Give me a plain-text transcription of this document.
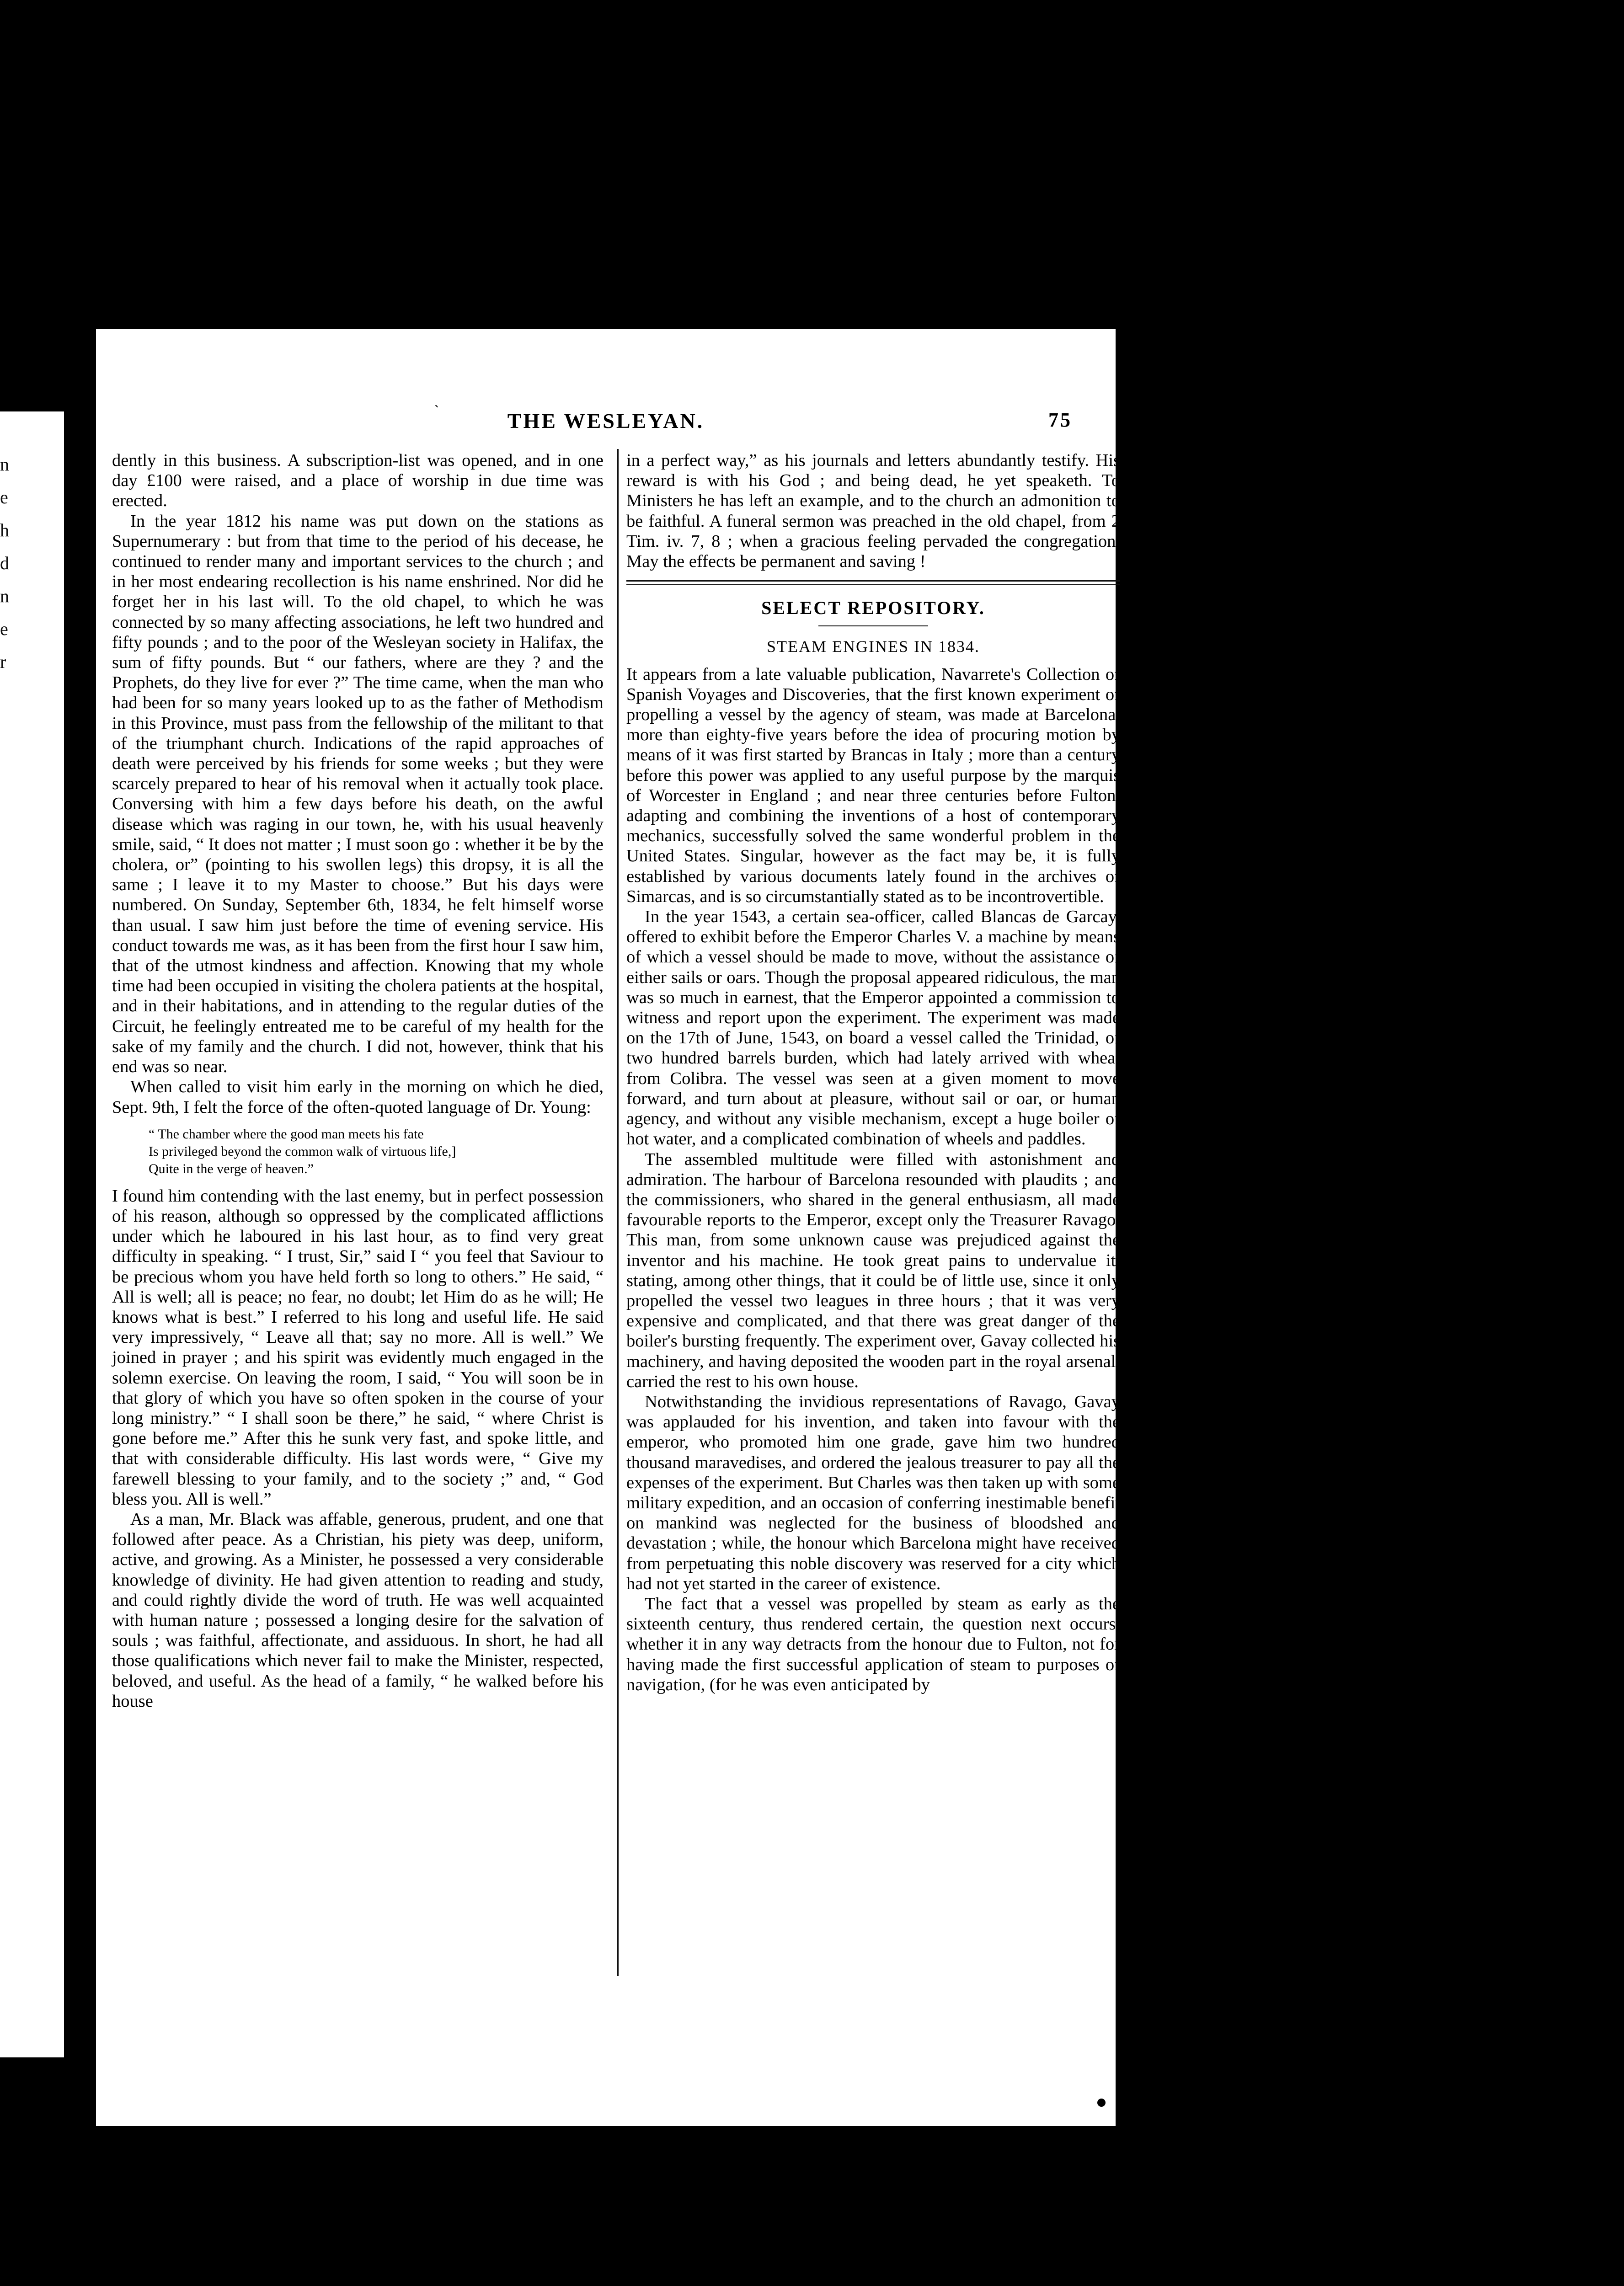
n
e
h
d
n
e
r
ˋ	THE WESLEYAN.	75

dently in this business. A subscription-list was opened, and in one day £100 were raised, and a place of worship in due time was erected.

In the year 1812 his name was put down on the stations as Supernumerary : but from that time to the period of his decease, he continued to render many and important services to the church ; and in her most endearing recollection is his name enshrined. Nor did he forget her in his last will. To the old chapel, to which he was connected by so many affecting associations, he left two hundred and fifty pounds ; and to the poor of the Wesleyan society in Halifax, the sum of fifty pounds. But “ our fathers, where are they ? and the Prophets, do they live for ever ?” The time came, when the man who had been for so many years looked up to as the father of Methodism in this Province, must pass from the fellowship of the militant to that of the triumphant church. Indications of the rapid approaches of death were perceived by his friends for some weeks ; but they were scarcely prepared to hear of his removal when it actually took place. Conversing with him a few days before his death, on the awful disease which was raging in our town, he, with his usual heavenly smile, said, “ It does not matter ; I must soon go : whether it be by the cholera, or” (pointing to his swollen legs) this dropsy, it is all the same ; I leave it to my Master to choose.” But his days were numbered. On Sunday, September 6th, 1834, he felt himself worse than usual. I saw him just before the time of evening service. His conduct towards me was, as it has been from the first hour I saw him, that of the utmost kindness and affection. Knowing that my whole time had been occupied in visiting the cholera patients at the hospital, and in their habitations, and in attending to the regular duties of the Circuit, he feelingly entreated me to be careful of my health for the sake of my family and the church. I did not, however, think that his end was so near.

When called to visit him early in the morning on which he died, Sept. 9th, I felt the force of the often-quoted language of Dr. Young:

“ The chamber where the good man meets his fate
Is privileged beyond the common walk of virtuous life,]
Quite in the verge of heaven.”

I found him contending with the last enemy, but in perfect possession of his reason, although so oppressed by the complicated afflictions under which he laboured in his last hour, as to find very great difficulty in speaking. “ I trust, Sir,” said I “ you feel that Saviour to be precious whom you have held forth so long to others.” He said, “ All is well; all is peace; no fear, no doubt; let Him do as he will; He knows what is best.” I referred to his long and useful life. He said very impressively, “ Leave all that; say no more. All is well.” We joined in prayer ; and his spirit was evidently much engaged in the solemn exercise. On leaving the room, I said, “ You will soon be in that glory of which you have so often spoken in the course of your long ministry.” “ I shall soon be there,” he said, “ where Christ is gone before me.” After this he sunk very fast, and spoke little, and that with considerable difficulty. His last words were, “ Give my farewell blessing to your family, and to the society ;” and, “ God bless you. All is well.”

As a man, Mr. Black was affable, generous, prudent, and one that followed after peace. As a Christian, his piety was deep, uniform, active, and growing. As a Minister, he possessed a very considerable knowledge of divinity. He had given attention to reading and study, and could rightly divide the word of truth. He was well acquainted with human nature ; possessed a longing desire for the salvation of souls ; was faithful, affectionate, and assiduous. In short, he had all those qualifications which never fail to make the Minister, respected, beloved, and useful. As the head of a family, “ he walked before his house

in a perfect way,” as his journals and letters abundantly testify. His reward is with his God ; and being dead, he yet speaketh. To Ministers he has left an example, and to the church an admonition to be faithful. A funeral sermon was preached in the old chapel, from 2 Tim. iv. 7, 8 ; when a gracious feeling pervaded the congregation. May the effects be permanent and saving !

SELECT REPOSITORY.
STEAM ENGINES IN 1834.

It appears from a late valuable publication, Navarrete's Collection of Spanish Voyages and Discoveries, that the first known experiment of propelling a vessel by the agency of steam, was made at Barcelona, more than eighty-five years before the idea of procuring motion by means of it was first started by Brancas in Italy ; more than a century before this power was applied to any useful purpose by the marquis of Worcester in England ; and near three centuries before Fulton, adapting and combining the inventions of a host of contemporary mechanics, successfully solved the same wonderful problem in the United States. Singular, however as the fact may be, it is fully established by various documents lately found in the archives of Simarcas, and is so circumstantially stated as to be incontrovertible.

In the year 1543, a certain sea-officer, called Blancas de Garcay, offered to exhibit before the Emperor Charles V. a machine by means of which a vessel should be made to move, without the assistance of either sails or oars. Though the proposal appeared ridiculous, the man was so much in earnest, that the Emperor appointed a commission to witness and report upon the experiment. The experiment was made on the 17th of June, 1543, on board a vessel called the Trinidad, of two hundred barrels burden, which had lately arrived with wheat from Colibra. The vessel was seen at a given moment to move forward, and turn about at pleasure, without sail or oar, or human agency, and without any visible mechanism, except a huge boiler of hot water, and a complicated combination of wheels and paddles.

The assembled multitude were filled with astonishment and admiration. The harbour of Barcelona resounded with plaudits ; and the commissioners, who shared in the general enthusiasm, all made favourable reports to the Emperor, except only the Treasurer Ravago. This man, from some unknown cause was prejudiced against the inventor and his machine. He took great pains to undervalue it, stating, among other things, that it could be of little use, since it only propelled the vessel two leagues in three hours ; that it was very expensive and complicated, and that there was great danger of the boiler's bursting frequently. The experiment over, Gavay collected his machinery, and having deposited the wooden part in the royal arsenal, carried the rest to his own house.

Notwithstanding the invidious representations of Ravago, Gavay was applauded for his invention, and taken into favour with the emperor, who promoted him one grade, gave him two hundred thousand maravedises, and ordered the jealous treasurer to pay all the expenses of the experiment. But Charles was then taken up with some military expedition, and an occasion of conferring inestimable benefit on mankind was neglected for the business of bloodshed and devastation ; while, the honour which Barcelona might have received from perpetuating this noble discovery was reserved for a city which had not yet started in the career of existence.

The fact that a vessel was propelled by steam as early as the sixteenth century, thus rendered certain, the question next occurs, whether it in any way detracts from the honour due to Fulton, not for having made the first successful application of steam to purposes of navigation, (for he was even anticipated by
